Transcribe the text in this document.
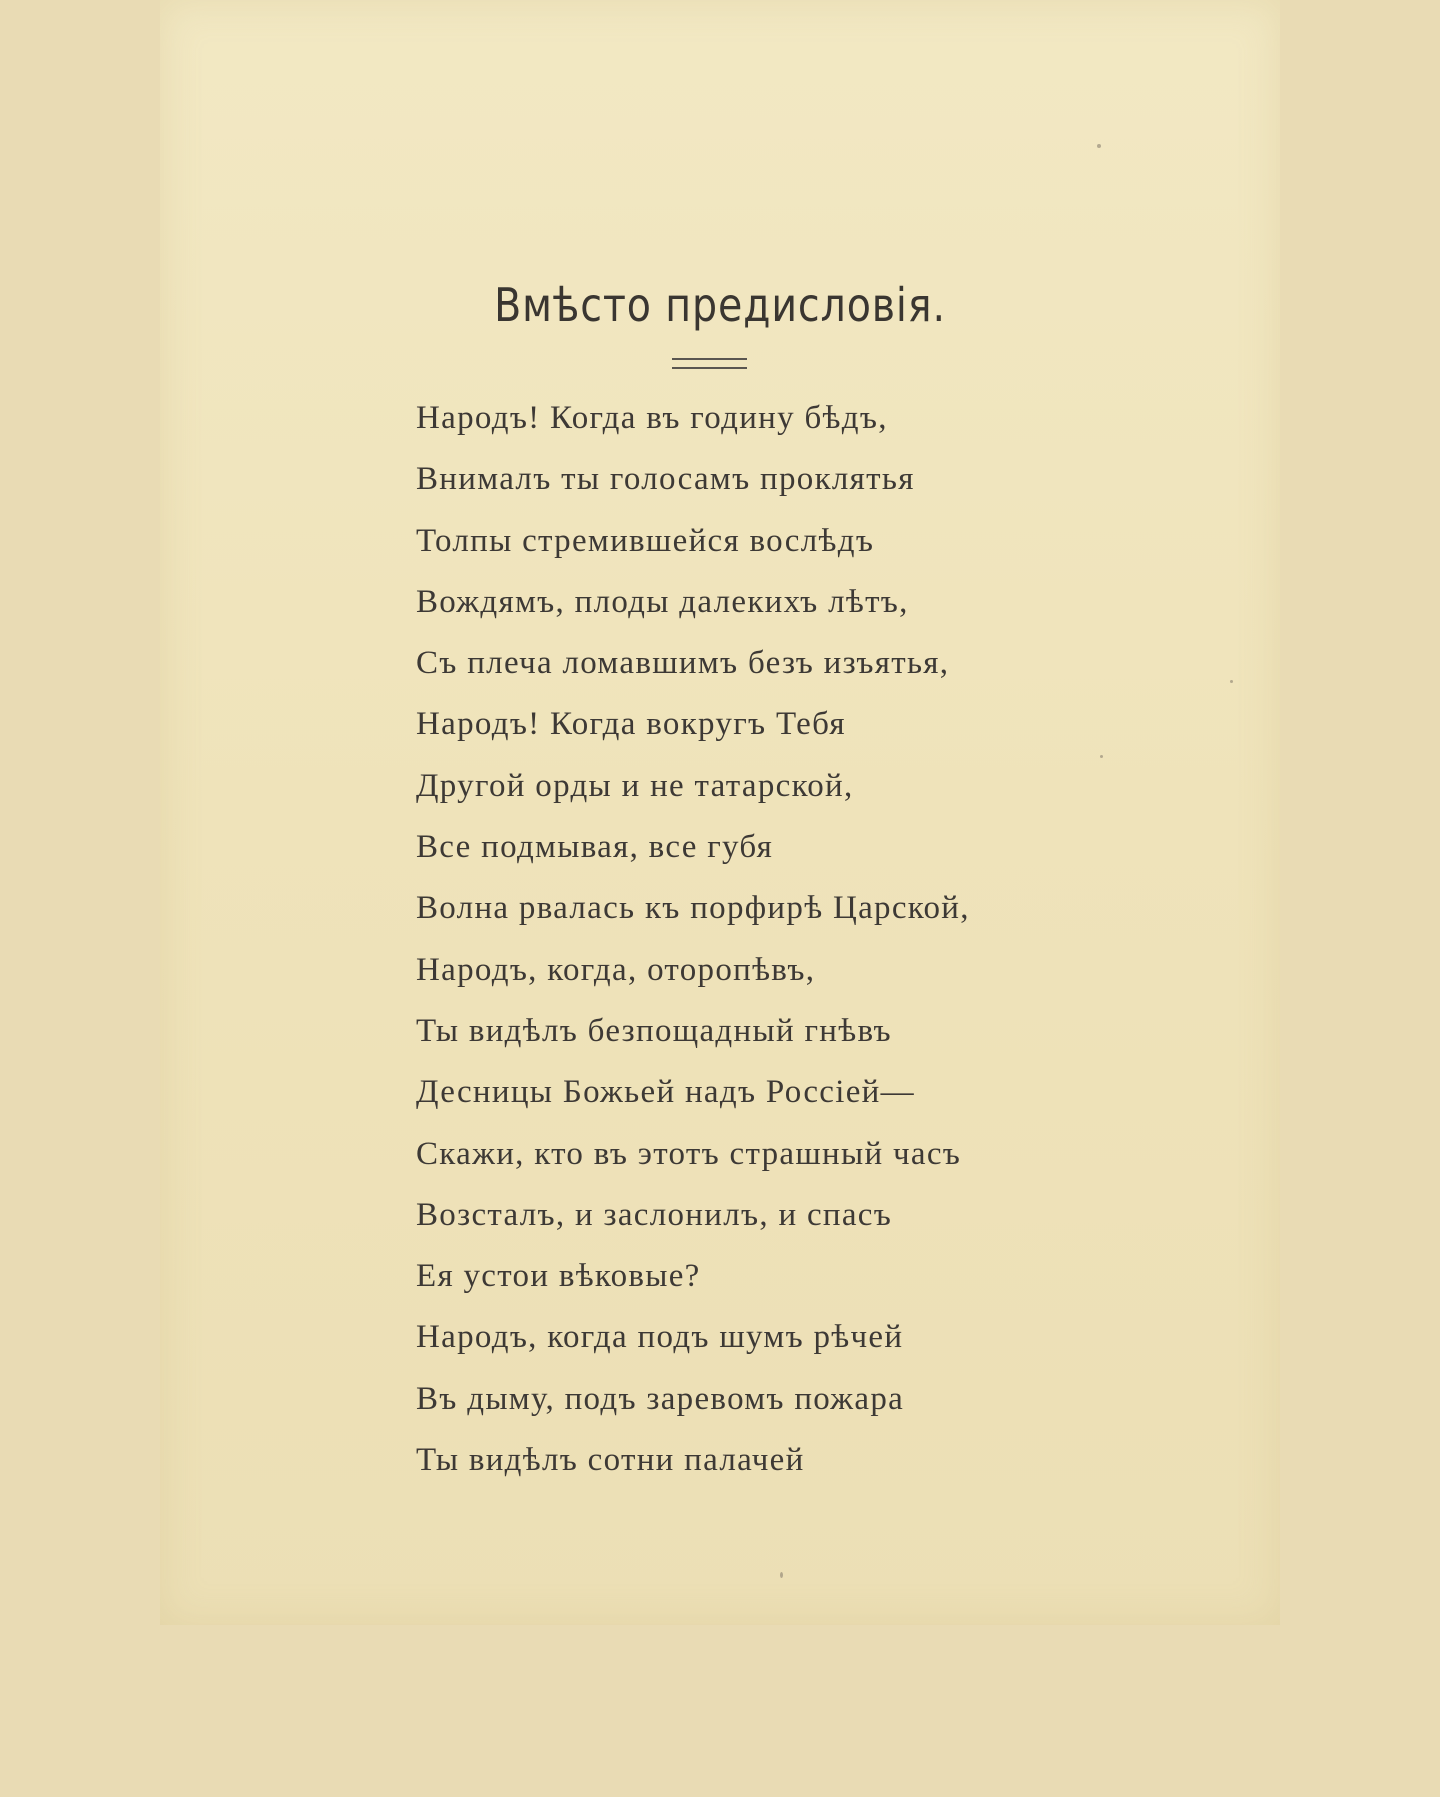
Вмѣсто предисловія.
Народъ! Когда въ годину бѣдъ,
Внималъ ты голосамъ проклятья
Толпы стремившейся вослѣдъ
Вождямъ, плоды далекихъ лѣтъ,
Съ плеча ломавшимъ безъ изъятья,
Народъ! Когда вокругъ Тебя
Другой орды и не татарской,
Все подмывая, все губя
Волна рвалась къ порфирѣ Царской,
Народъ, когда, оторопѣвъ,
Ты видѣлъ безпощадный гнѣвъ
Десницы Божьей надъ Россіей—
Скажи, кто въ этотъ страшный часъ
Возсталъ, и заслонилъ, и спасъ
Ея устои вѣковые?
Народъ, когда подъ шумъ рѣчей
Въ дыму, подъ заревомъ пожара
Ты видѣлъ сотни палачей
